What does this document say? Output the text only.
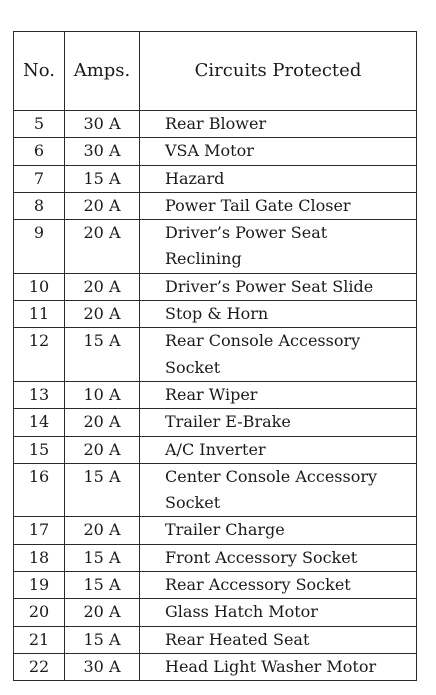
No.	Amps.	Circuits Protected
5	30 A	Rear Blower

6	30 A	VSA Motor

7	15 A	Hazard

8	20 A	Power Tail Gate Closer

9	20 A	Driver’s Power Seat
Reclining

10	20 A	Driver’s Power Seat Slide

11	20 A	Stop & Horn

12	15 A	Rear Console Accessory
Socket

13	10 A	Rear Wiper

14	20 A	Trailer E-Brake

15	20 A	A/C Inverter

16	15 A	Center Console Accessory
Socket

17	20 A	Trailer Charge

18	15 A	Front Accessory Socket

19	15 A	Rear Accessory Socket

20	20 A	Glass Hatch Motor

21	15 A	Rear Heated Seat

22	30 A	Head Light Washer Motor
